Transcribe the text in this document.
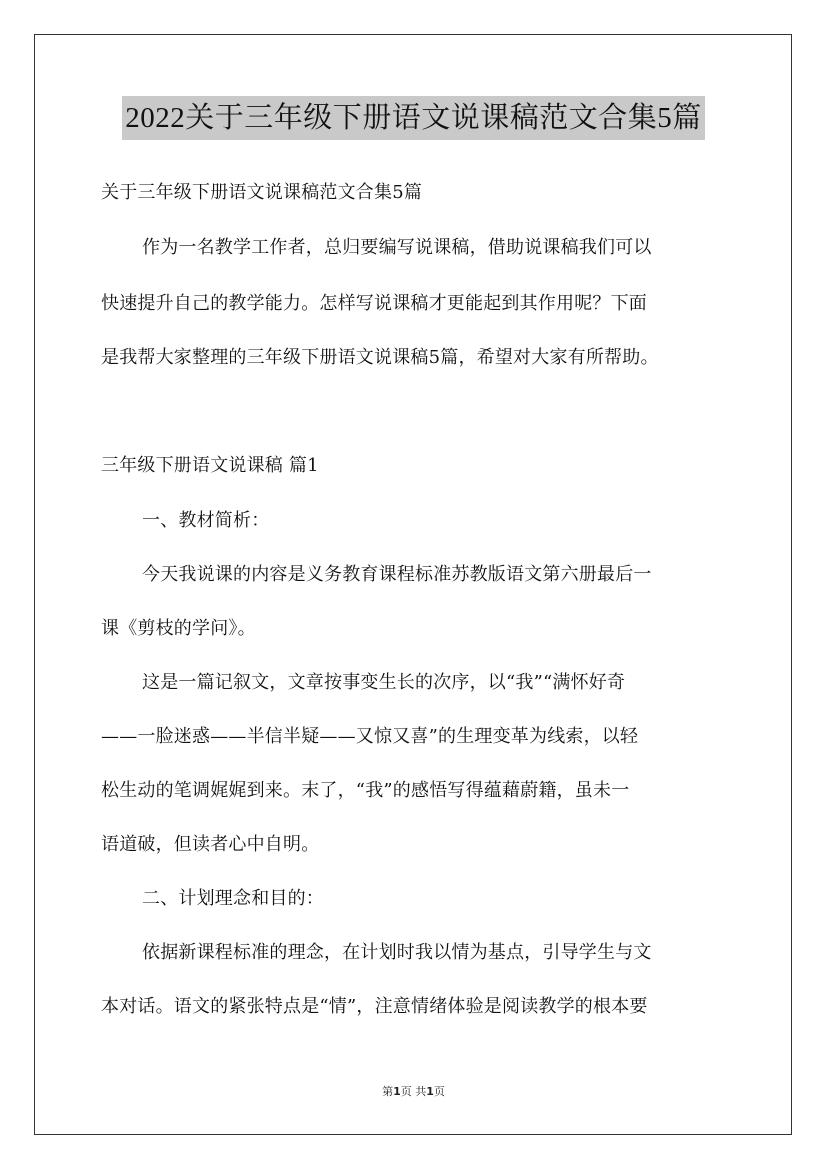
2022关于三年级下册语文说课稿范文合集5篇
关于三年级下册语文说课稿范文合集5篇
作为一名教学工作者，总归要编写说课稿，借助说课稿我们可以
快速提升自己的教学能力。怎样写说课稿才更能起到其作用呢？下面
是我帮大家整理的三年级下册语文说课稿5篇，希望对大家有所帮助。
三年级下册语文说课稿 篇1
一、教材简析：
今天我说课的内容是义务教育课程标准苏教版语文第六册最后一
课《剪枝的学问》。
这是一篇记叙文，文章按事变生长的次序，以“我”“满怀好奇
——一脸迷惑——半信半疑——又惊又喜”的生理变革为线索，以轻
松生动的笔调娓娓到来。末了，“我”的感悟写得蕴藉蔚籍，虽未一
语道破，但读者心中自明。
二、计划理念和目的：
依据新课程标准的理念，在计划时我以情为基点，引导学生与文
本对话。语文的紧张特点是“情”，注意情绪体验是阅读教学的根本要
第1页 共1页
